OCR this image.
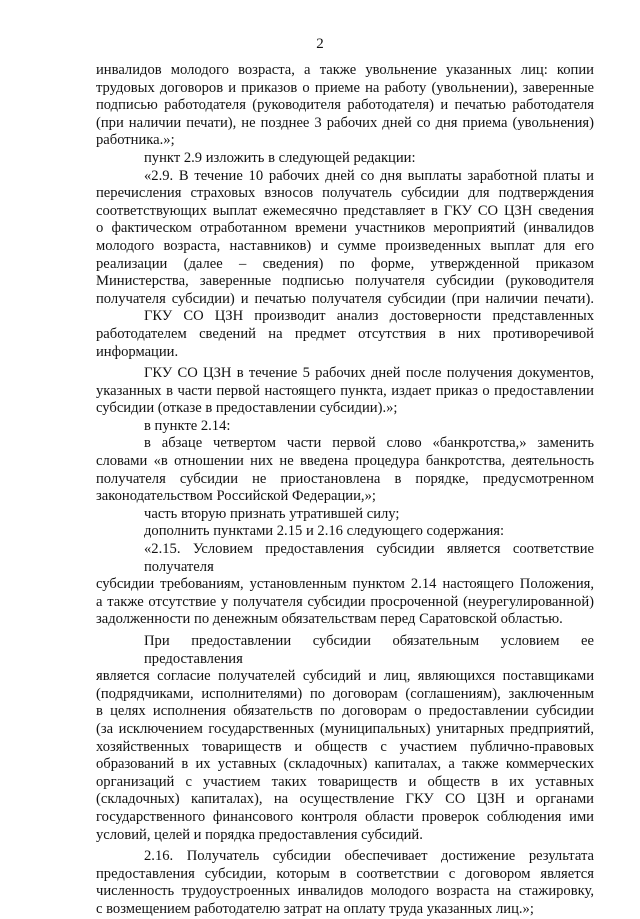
2
инвалидов молодого возраста, а также увольнение указанных лиц: копии
трудовых договоров и приказов о приеме на работу (увольнении), заверенные
подписью работодателя (руководителя работодателя) и печатью работодателя
(при наличии печати), не позднее 3 рабочих дней со дня приема (увольнения)
работника.»;
пункт 2.9 изложить в следующей редакции:
«2.9. В течение 10 рабочих дней со дня выплаты заработной платы и
перечисления страховых взносов получатель субсидии для подтверждения
соответствующих выплат ежемесячно представляет в ГКУ СО ЦЗН сведения
о фактическом отработанном времени участников мероприятий (инвалидов
молодого возраста, наставников) и сумме произведенных выплат для его
реализации (далее – сведения) по форме, утвержденной приказом
Министерства, заверенные подписью получателя субсидии (руководителя
получателя субсидии) и печатью получателя субсидии (при наличии печати).
ГКУ СО ЦЗН производит анализ достоверности представленных
работодателем сведений на предмет отсутствия в них противоречивой
информации.
ГКУ СО ЦЗН в течение 5 рабочих дней после получения документов,
указанных в части первой настоящего пункта, издает приказ о предоставлении
субсидии (отказе в предоставлении субсидии).»;
в пункте 2.14:
в абзаце четвертом части первой слово «банкротства,» заменить
словами «в отношении них не введена процедура банкротства, деятельность
получателя субсидии не приостановлена в порядке, предусмотренном
законодательством Российской Федерации,»;
часть вторую признать утратившей силу;
дополнить пунктами 2.15 и 2.16 следующего содержания:
«2.15. Условием предоставления субсидии является соответствие получателя
субсидии требованиям, установленным пунктом 2.14 настоящего Положения,
а также отсутствие у получателя субсидии просроченной (неурегулированной)
задолженности по денежным обязательствам перед Саратовской областью.
При предоставлении субсидии обязательным условием ее предоставления
является согласие получателей субсидий и лиц, являющихся поставщиками
(подрядчиками, исполнителями) по договорам (соглашениям), заключенным
в целях исполнения обязательств по договорам о предоставлении субсидии
(за исключением государственных (муниципальных) унитарных предприятий,
хозяйственных товариществ и обществ с участием публично-правовых
образований в их уставных (складочных) капиталах, а также коммерческих
организаций с участием таких товариществ и обществ в их уставных
(складочных) капиталах), на осуществление ГКУ СО ЦЗН и органами
государственного финансового контроля области проверок соблюдения ими
условий, целей и порядка предоставления субсидий.
2.16. Получатель субсидии обеспечивает достижение результата
предоставления субсидии, которым в соответствии с договором является
численность трудоустроенных инвалидов молодого возраста на стажировку,
с возмещением работодателю затрат на оплату труда указанных лиц.»;
